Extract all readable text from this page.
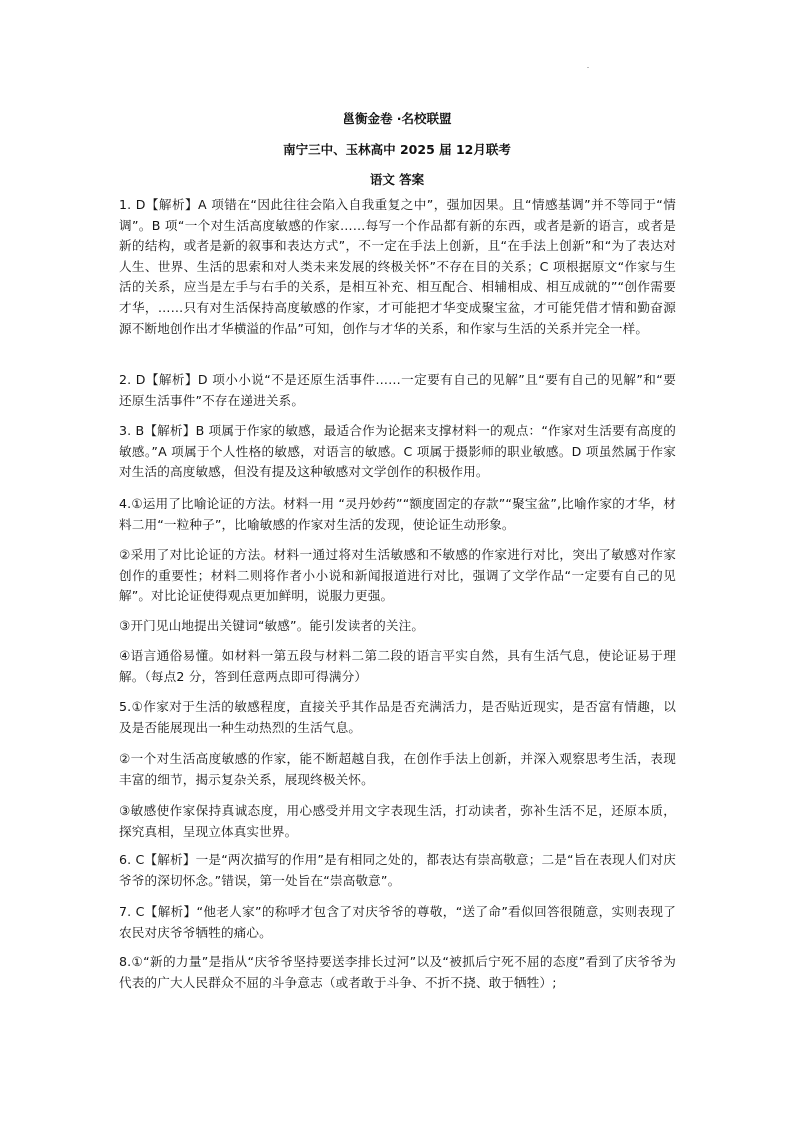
邕衡金卷 ·名校联盟
南宁三中、玉林高中 2025 届 12月联考
语文 答案
1. D【解析】A 项错在“因此往往会陷入自我重复之中”，强加因果。且“情感基调”并不等同于“情调”。B 项“一个对生活高度敏感的作家……每写一个作品都有新的东西，或者是新的语言，或者是新的结构，或者是新的叙事和表达方式”，不一定在手法上创新，且“在手法上创新”和“为了表达对人生、世界、生活的思索和对人类未来发展的终极关怀”不存在目的关系；C 项根据原文“作家与生活的关系，应当是左手与右手的关系，是相互补充、相互配合、相辅相成、相互成就的”“创作需要才华，……只有对生活保持高度敏感的作家，才可能把才华变成聚宝盆，才可能凭借才情和勤奋源源不断地创作出才华横溢的作品”可知，创作与才华的关系，和作家与生活的关系并完全一样。
2. D【解析】D 项小小说“不是还原生活事件……一定要有自己的见解”且“要有自己的见解”和“要还原生活事件”不存在递进关系。
3. B【解析】B 项属于作家的敏感，最适合作为论据来支撑材料一的观点：“作家对生活要有高度的敏感。”A 项属于个人性格的敏感，对语言的敏感。C 项属于摄影师的职业敏感。D 项虽然属于作家对生活的高度敏感，但没有提及这种敏感对文学创作的积极作用。
4.①运用了比喻论证的方法。材料一用 “灵丹妙药”“额度固定的存款”“聚宝盆”,比喻作家的才华，材料二用“一粒种子”，比喻敏感的作家对生活的发现，使论证生动形象。
②采用了对比论证的方法。材料一通过将对生活敏感和不敏感的作家进行对比，突出了敏感对作家创作的重要性；材料二则将作者小小说和新闻报道进行对比，强调了文学作品“一定要有自己的见解”。对比论证使得观点更加鲜明，说服力更强。
③开门见山地提出关键词“敏感”。能引发读者的关注。
④语言通俗易懂。如材料一第五段与材料二第二段的语言平实自然，具有生活气息，使论证易于理解。（每点2 分，答到任意两点即可得满分）
5.①作家对于生活的敏感程度，直接关乎其作品是否充满活力，是否贴近现实，是否富有情趣，以及是否能展现出一种生动热烈的生活气息。
②一个对生活高度敏感的作家，能不断超越自我，在创作手法上创新，并深入观察思考生活，表现丰富的细节，揭示复杂关系，展现终极关怀。
③敏感使作家保持真诚态度，用心感受并用文字表现生活，打动读者，弥补生活不足，还原本质，探究真相，呈现立体真实世界。
6. C【解析】一是“两次描写的作用”是有相同之处的，都表达有崇高敬意；二是“旨在表现人们对庆爷爷的深切怀念。”错误，第一处旨在“崇高敬意”。
7. C【解析】“他老人家”的称呼才包含了对庆爷爷的尊敬，“送了命”看似回答很随意，实则表现了农民对庆爷爷牺牲的痛心。
8.①“新的力量”是指从“庆爷爷坚持要送李排长过河”以及“被抓后宁死不屈的态度”看到了庆爷爷为代表的广大人民群众不屈的斗争意志（或者敢于斗争、不折不挠、敢于牺牲）;
